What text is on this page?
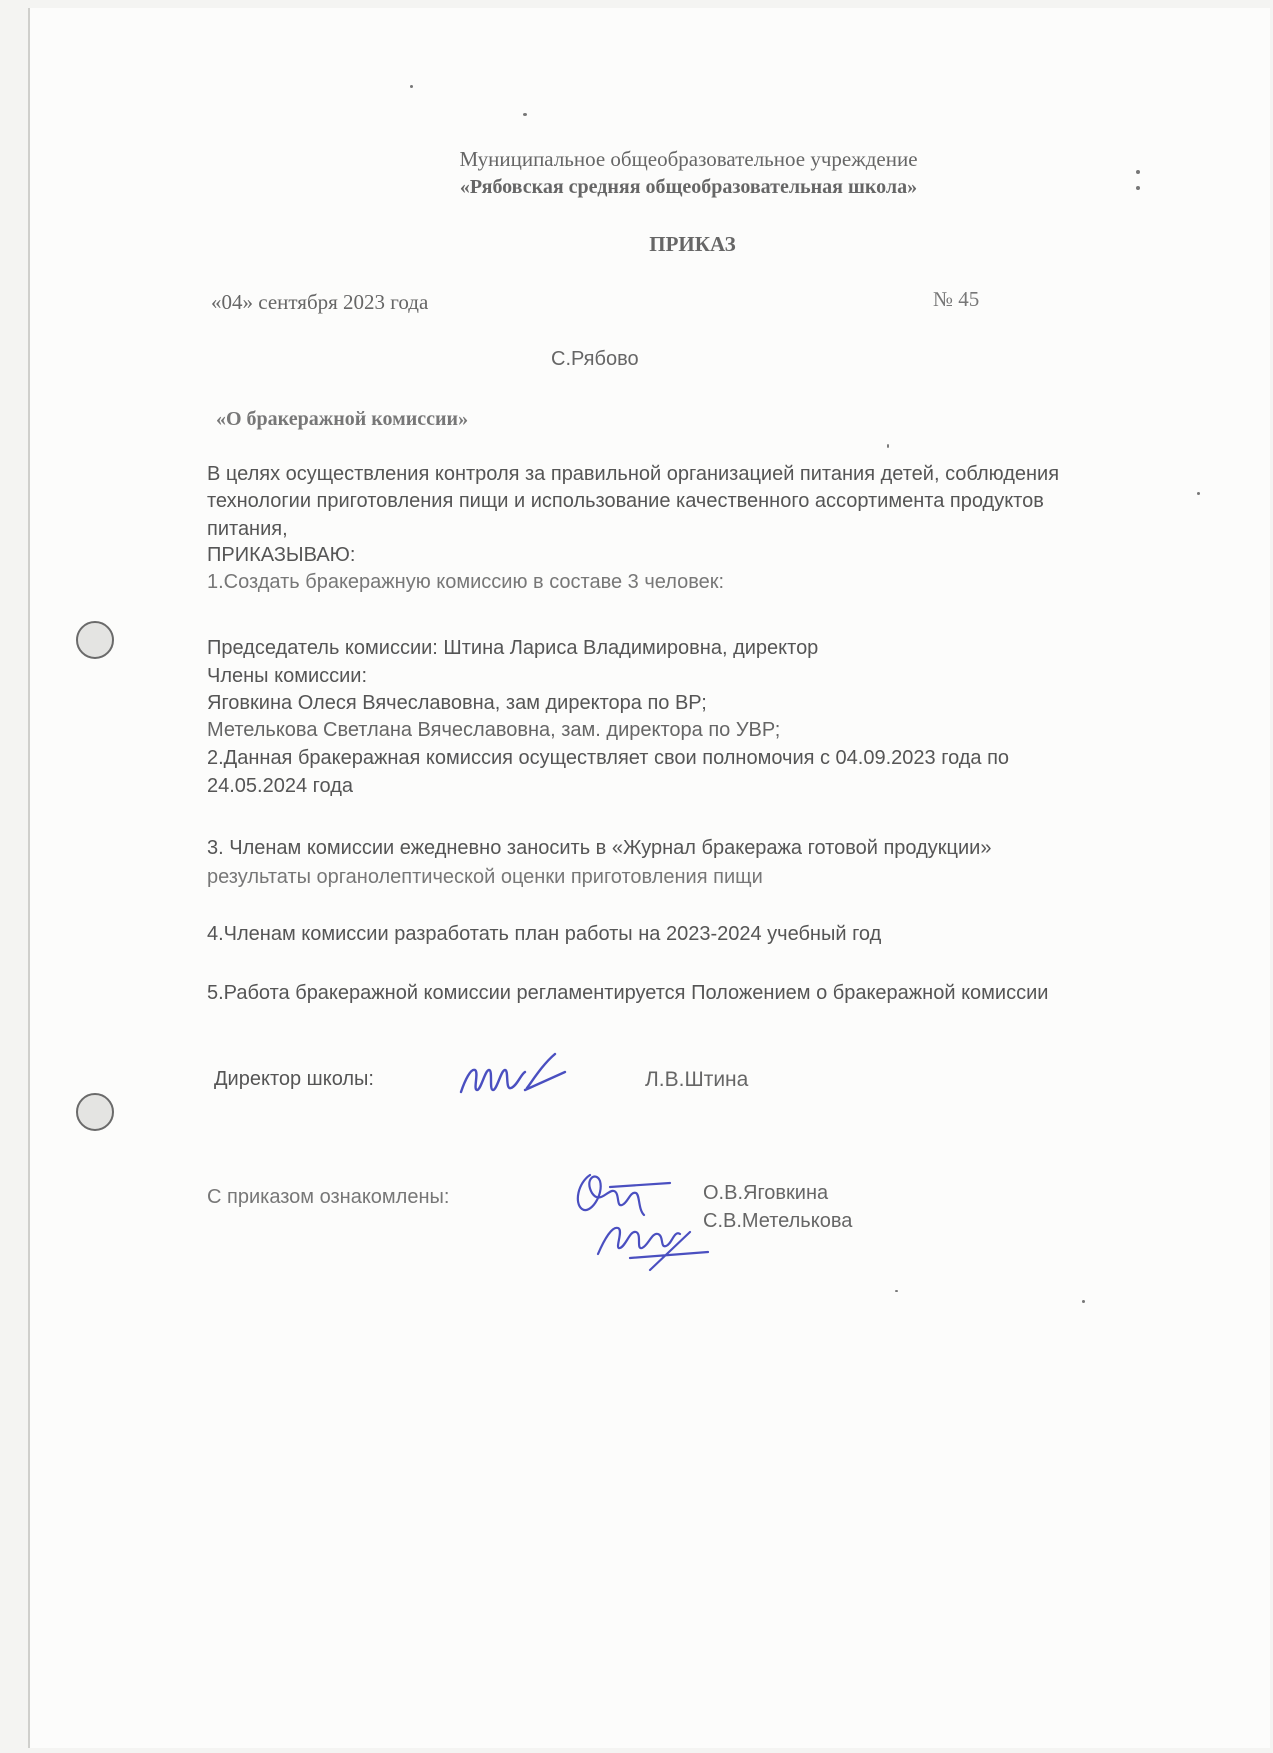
Муниципальное общеобразовательное учреждение
«Рябовская средняя общеобразовательная школа»
ПРИКАЗ
«04» сентября 2023 года	№ 45
С.Рябово
«О бракеражной комиссии»
В целях осуществления контроля за правильной организацией питания детей, соблюдения
технологии приготовления пищи и использование качественного ассортимента продуктов
питания,
ПРИКАЗЫВАЮ:
1.Создать бракеражную комиссию в составе 3 человек:
Председатель комиссии: Штина Лариса Владимировна, директор
Члены комиссии:
Яговкина Олеся Вячеславовна, зам директора по ВР;
Метелькова Светлана Вячеславовна, зам. директора по УВР;
2.Данная бракеражная комиссия осуществляет свои полномочия с 04.09.2023 года по
24.05.2024 года
3. Членам комиссии ежедневно заносить в «Журнал бракеража готовой продукции»
результаты органолептической оценки приготовления пищи
4.Членам комиссии разработать план работы на 2023-2024 учебный год
5.Работа бракеражной комиссии регламентируется Положением о бракеражной комиссии
Директор школы:	Л.В.Штина
С приказом ознакомлены:	О.В.Яговкина
С.В.Метелькова
